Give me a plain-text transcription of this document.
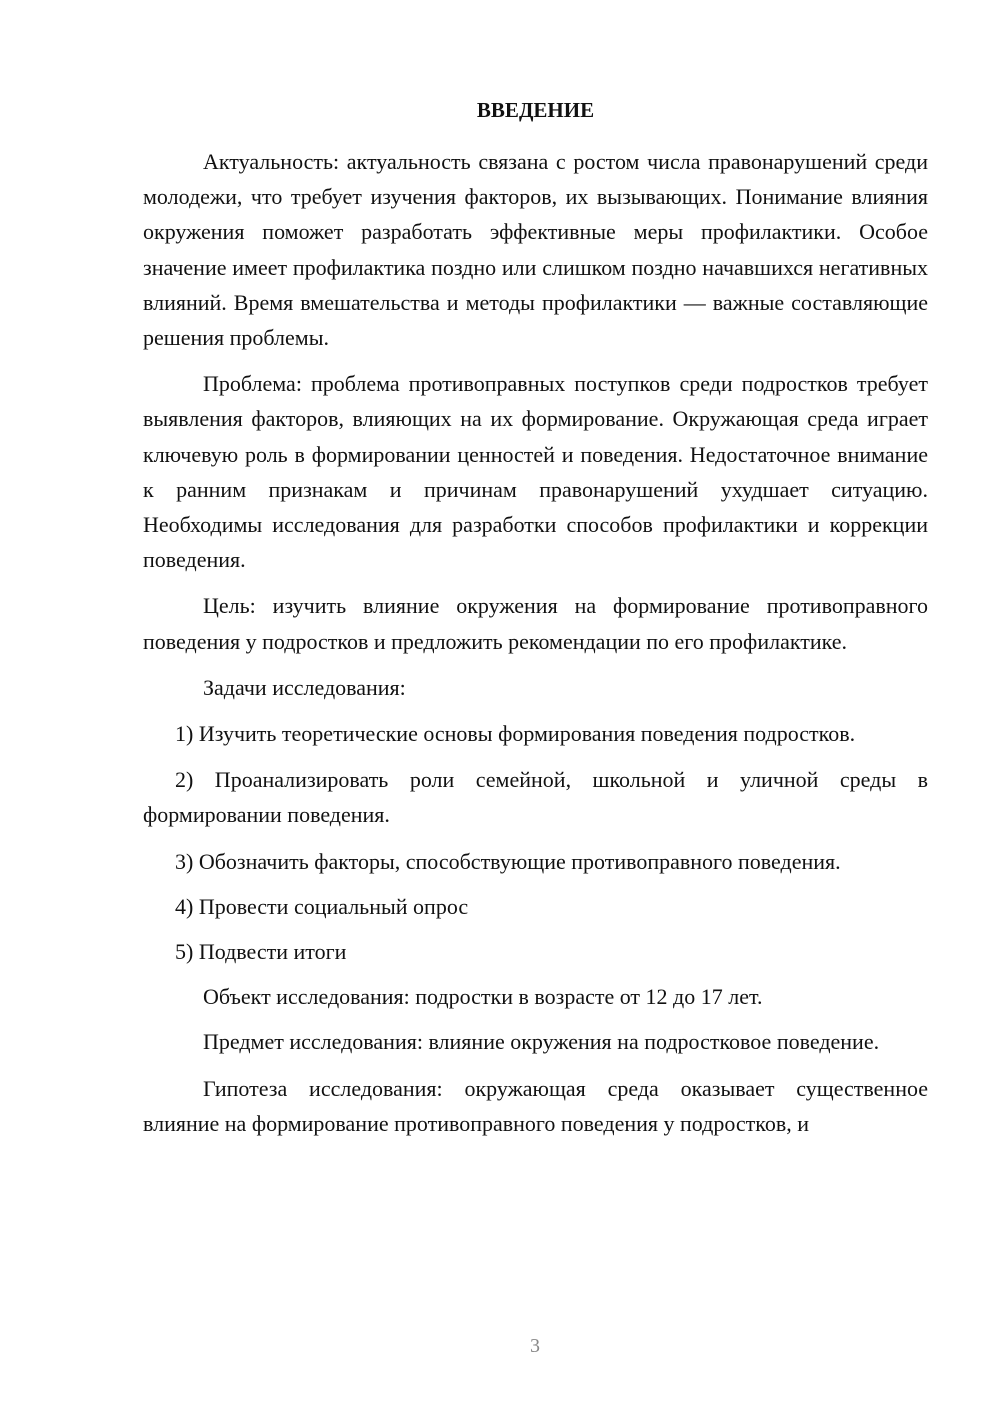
ВВЕДЕНИЕ

Актуальность: актуальность связана с ростом числа правонарушений среди молодежи, что требует изучения факторов, их вызывающих. Понимание влияния окружения поможет разработать эффективные меры профилактики. Особое значение имеет профилактика поздно или слишком поздно начавшихся негативных влияний. Время вмешательства и методы профилактики — важные составляющие решения проблемы.

Проблема: проблема противоправных поступков среди подростков требует выявления факторов, влияющих на их формирование. Окружающая среда играет ключевую роль в формировании ценностей и поведения. Недостаточное внимание к ранним признакам и причинам правонарушений ухудшает ситуацию. Необходимы исследования для разработки способов профилактики и коррекции поведения.

Цель: изучить влияние окружения на формирование противоправного поведения у подростков и предложить рекомендации по его профилактике.

Задачи исследования:

1) Изучить теоретические основы формирования поведения подростков.

2) Проанализировать роли семейной, школьной и уличной среды в формировании поведения.

3) Обозначить факторы, способствующие противоправного поведения.

4) Провести социальный опрос

5) Подвести итоги

Объект исследования: подростки в возрасте от 12 до 17 лет.

Предмет исследования: влияние окружения на подростковое поведение.

Гипотеза исследования: окружающая среда оказывает существенное влияние на формирование противоправного поведения у подростков, и

3
